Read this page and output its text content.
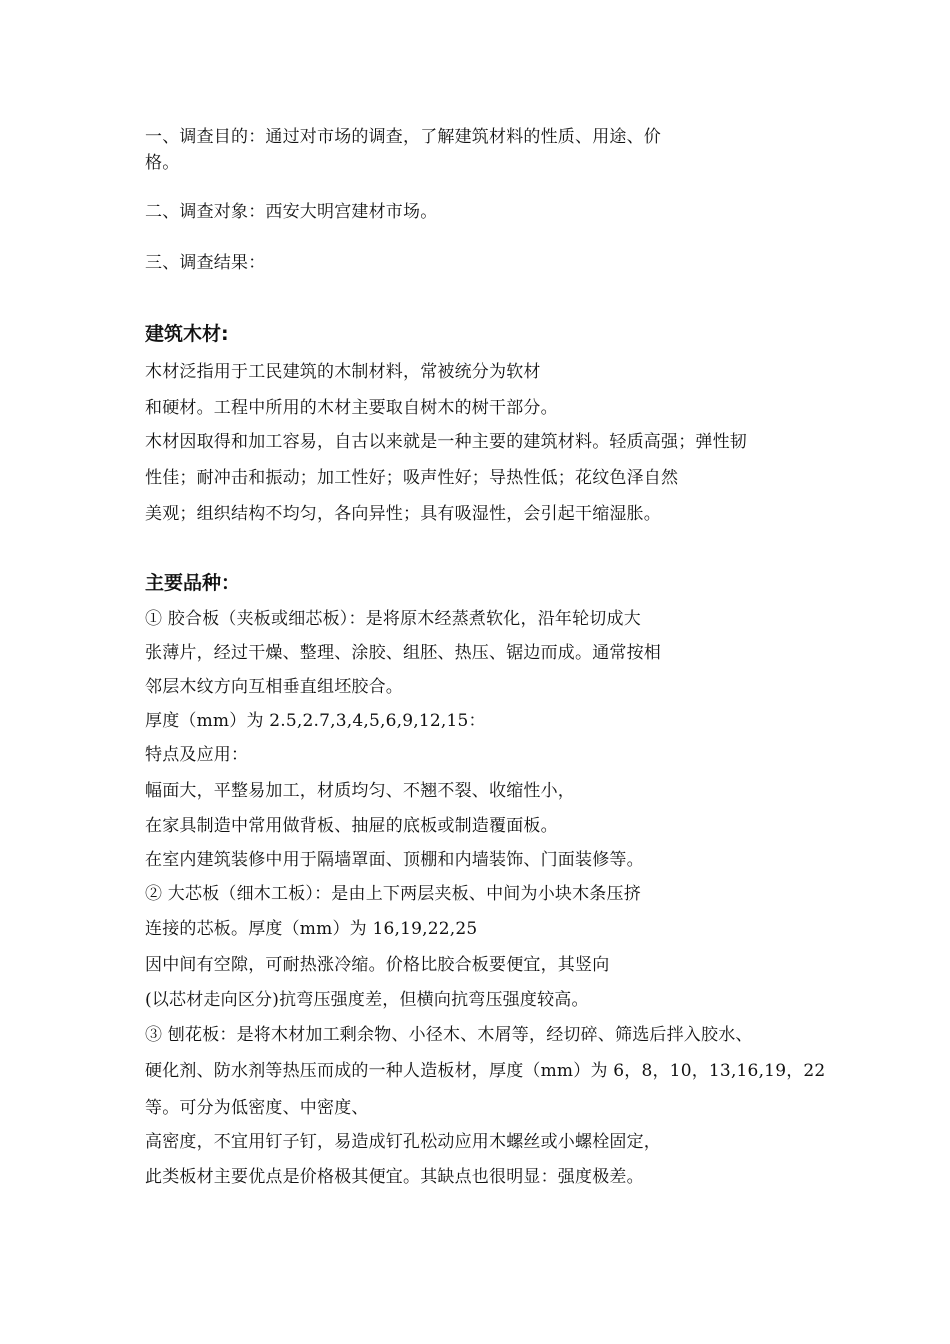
一、调查目的：通过对市场的调查，了解建筑材料的性质、用途、价

格。

二、调查对象：西安大明宫建材市场。

三、调查结果：

建筑木材:

木材泛指用于工民建筑的木制材料，常被统分为软材

和硬材。工程中所用的木材主要取自树木的树干部分。

木材因取得和加工容易，自古以来就是一种主要的建筑材料。轻质高强；弹性韧

性佳；耐冲击和振动；加工性好；吸声性好；导热性低；花纹色泽自然

美观；组织结构不均匀，各向异性；具有吸湿性，会引起干缩湿胀。

主要品种：

① 胶合板（夹板或细芯板）：是将原木经蒸煮软化，沿年轮切成大

张薄片，经过干燥、整理、涂胶、组胚、热压、锯边而成。通常按相

邻层木纹方向互相垂直组坯胶合。

厚度（mm）为 2.5,2.7,3,4,5,6,9,12,15：

特点及应用：

幅面大，平整易加工，材质均匀、不翘不裂、收缩性小，

在家具制造中常用做背板、抽屉的底板或制造覆面板。

在室内建筑装修中用于隔墙罩面、顶棚和内墙装饰、门面装修等。

② 大芯板（细木工板）：是由上下两层夹板、中间为小块木条压挤

连接的芯板。厚度（mm）为 16,19,22,25

因中间有空隙，可耐热涨冷缩。价格比胶合板要便宜，其竖向

(以芯材走向区分)抗弯压强度差，但横向抗弯压强度较高。

③ 刨花板：是将木材加工剩余物、小径木、木屑等，经切碎、筛选后拌入胶水、

硬化剂、防水剂等热压而成的一种人造板材，厚度（mm）为 6，8，10，13,16,19，22

等。可分为低密度、中密度、

高密度，不宜用钉子钉，易造成钉孔松动应用木螺丝或小螺栓固定，

此类板材主要优点是价格极其便宜。其缺点也很明显：强度极差。
